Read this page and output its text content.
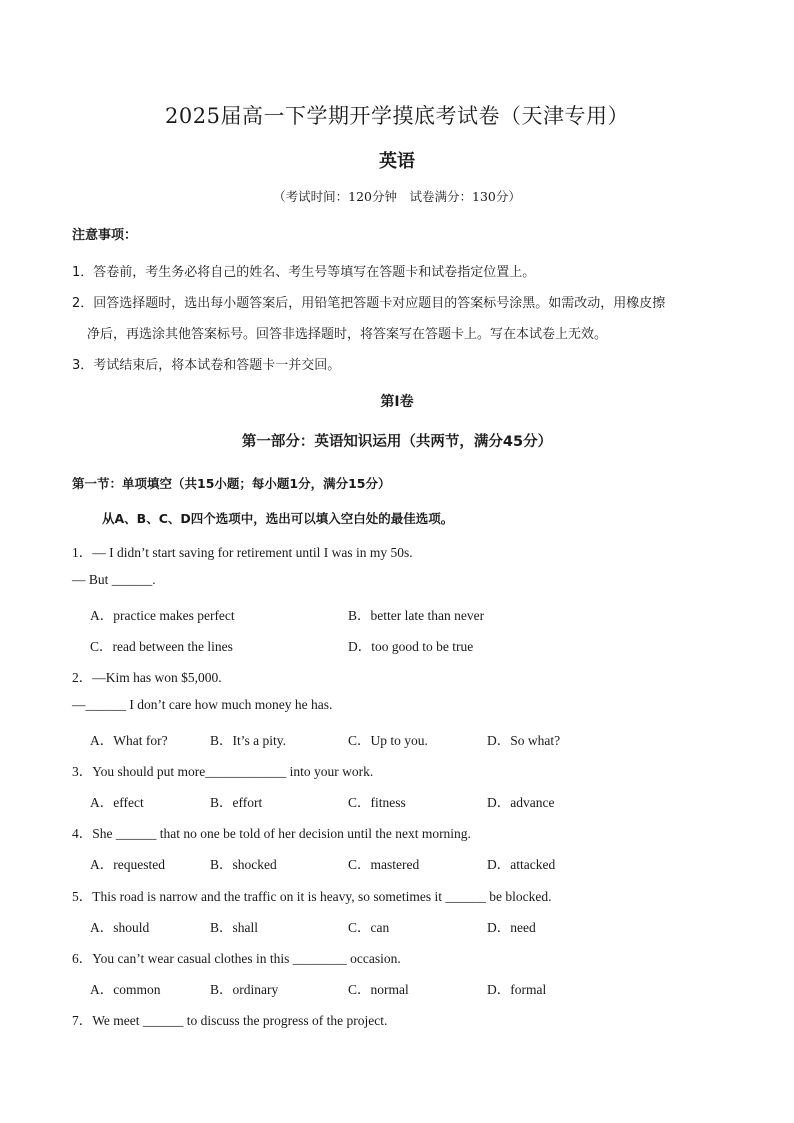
2025届高一下学期开学摸底考试卷（天津专用）
英语
（考试时间：120分钟　试卷满分：130分）
注意事项：
1．答卷前，考生务必将自己的姓名、考生号等填写在答题卡和试卷指定位置上。
2．回答选择题时，选出每小题答案后，用铅笔把答题卡对应题目的答案标号涂黑。如需改动，用橡皮擦
净后，再选涂其他答案标号。回答非选择题时，将答案写在答题卡上。写在本试卷上无效。
3．考试结束后，将本试卷和答题卡一并交回。
第I卷
第一部分：英语知识运用（共两节，满分45分）
第一节：单项填空（共15小题；每小题1分，满分15分）
从A、B、C、D四个选项中，选出可以填入空白处的最佳选项。
1．— I didn’t start saving for retirement until I was in my 50s.
— But ______.
A．practice makes perfect	B．better late than never
C．read between the lines	D．too good to be true
2．—Kim has won $5,000.
—______ I don’t care how much money he has.
A．What for?	B．It’s a pity.	C．Up to you.	D．So what?
3．You should put more____________ into your work.
A．effect	B．effort	C．fitness	D．advance
4．She ______ that no one be told of her decision until the next morning.
A．requested	B．shocked	C．mastered	D．attacked
5．This road is narrow and the traffic on it is heavy, so sometimes it ______ be blocked.
A．should	B．shall	C．can	D．need
6．You can’t wear casual clothes in this ________ occasion.
A．common	B．ordinary	C．normal	D．formal
7．We meet ______ to discuss the progress of the project.
